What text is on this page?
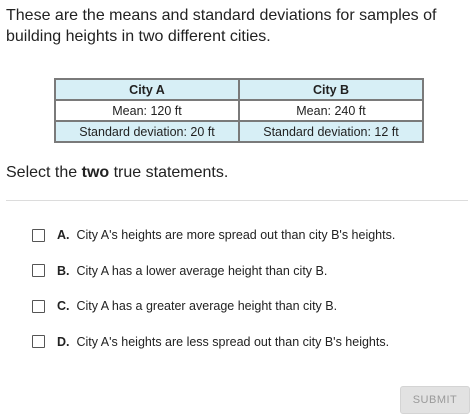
These are the means and standard deviations for samples of building heights in two different cities.

City A	City B
Mean: 120 ft	Mean: 240 ft
Standard deviation: 20 ft	Standard deviation: 12 ft

Select the two true statements.

A. City A's heights are more spread out than city B's heights.
B. City A has a lower average height than city B.
C. City A has a greater average height than city B.
D. City A's heights are less spread out than city B's heights.
SUBMIT
